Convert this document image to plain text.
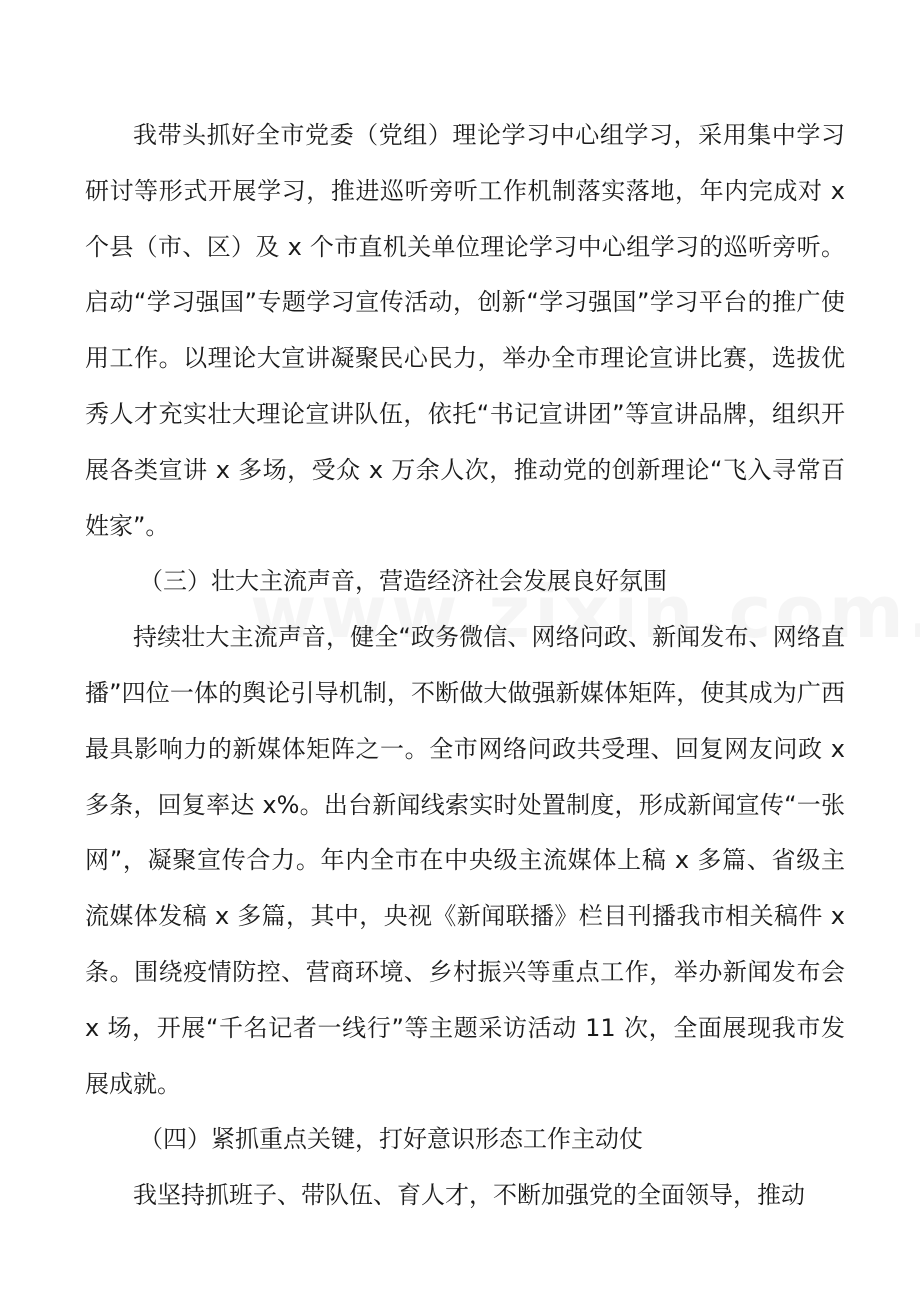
我带头抓好全市党委（党组）理论学习中心组学习，采用集中学习研讨等形式开展学习，推进巡听旁听工作机制落实落地，年内完成对 x 个县（市、区）及 x 个市直机关单位理论学习中心组学习的巡听旁听。启动“学习强国”专题学习宣传活动，创新“学习强国”学习平台的推广使用工作。以理论大宣讲凝聚民心民力，举办全市理论宣讲比赛，选拔优秀人才充实壮大理论宣讲队伍，依托“书记宣讲团”等宣讲品牌，组织开展各类宣讲 x 多场，受众 x 万余人次，推动党的创新理论“飞入寻常百姓家”。

（三）壮大主流声音，营造经济社会发展良好氛围

持续壮大主流声音，健全“政务微信、网络问政、新闻发布、网络直播”四位一体的舆论引导机制，不断做大做强新媒体矩阵，使其成为广西最具影响力的新媒体矩阵之一。全市网络问政共受理、回复网友问政 x 多条，回复率达 x%。出台新闻线索实时处置制度，形成新闻宣传“一张网”，凝聚宣传合力。年内全市在中央级主流媒体上稿 x 多篇、省级主流媒体发稿 x 多篇，其中，央视《新闻联播》栏目刊播我市相关稿件 x 条。围绕疫情防控、营商环境、乡村振兴等重点工作，举办新闻发布会 x 场，开展“千名记者一线行”等主题采访活动 11 次，全面展现我市发展成就。

（四）紧抓重点关键，打好意识形态工作主动仗

我坚持抓班子、带队伍、育人才，不断加强党的全面领导，推动
